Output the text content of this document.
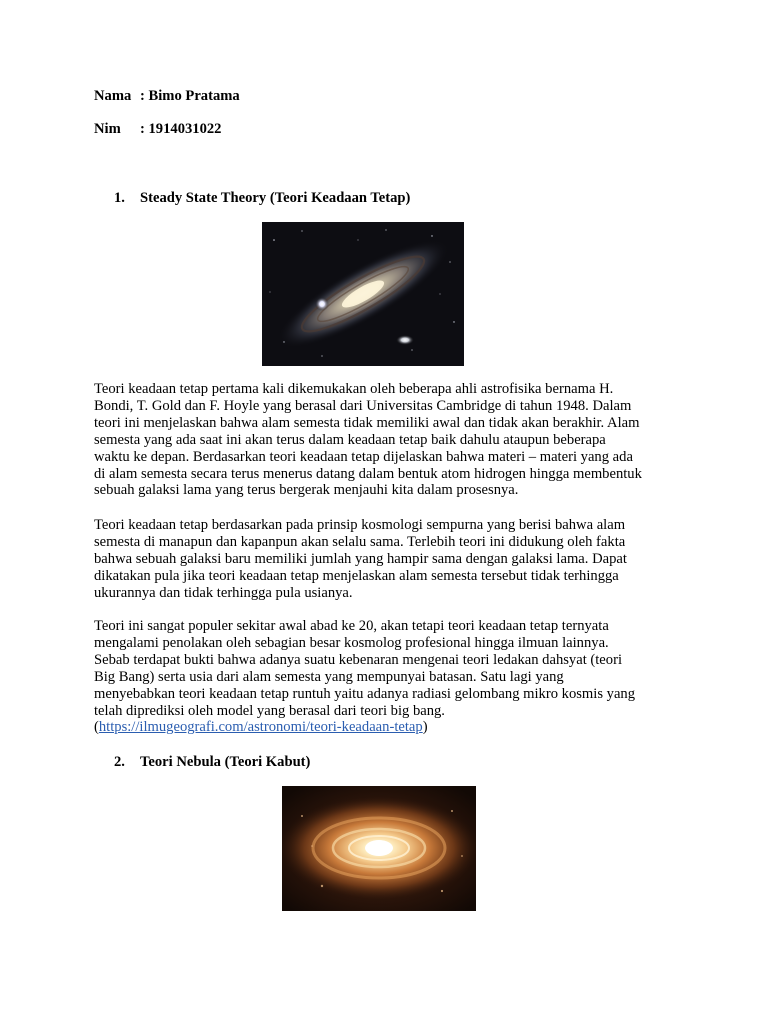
Nama : Bimo Pratama
Nim : 1914031022
1. Steady State Theory (Teori Keadaan Tetap)
Teori keadaan tetap pertama kali dikemukakan oleh beberapa ahli astrofisika bernama H.
Bondi, T. Gold dan F. Hoyle yang berasal dari Universitas Cambridge di tahun 1948. Dalam
teori ini menjelaskan bahwa alam semesta tidak memiliki awal dan tidak akan berakhir. Alam
semesta yang ada saat ini akan terus dalam keadaan tetap baik dahulu ataupun beberapa
waktu ke depan. Berdasarkan teori keadaan tetap dijelaskan bahwa materi – materi yang ada
di alam semesta secara terus menerus datang dalam bentuk atom hidrogen hingga membentuk
sebuah galaksi lama yang terus bergerak menjauhi kita dalam prosesnya.
Teori keadaan tetap berdasarkan pada prinsip kosmologi sempurna yang berisi bahwa alam
semesta di manapun dan kapanpun akan selalu sama. Terlebih teori ini didukung oleh fakta
bahwa sebuah galaksi baru memiliki jumlah yang hampir sama dengan galaksi lama. Dapat
dikatakan pula jika teori keadaan tetap menjelaskan alam semesta tersebut tidak terhingga
ukurannya dan tidak terhingga pula usianya.
Teori ini sangat populer sekitar awal abad ke 20, akan tetapi teori keadaan tetap ternyata
mengalami penolakan oleh sebagian besar kosmolog profesional hingga ilmuan lainnya.
Sebab terdapat bukti bahwa adanya suatu kebenaran mengenai teori ledakan dahsyat (teori
Big Bang) serta usia dari alam semesta yang mempunyai batasan. Satu lagi yang
menyebabkan teori keadaan tetap runtuh yaitu adanya radiasi gelombang mikro kosmis yang
telah diprediksi oleh model yang berasal dari teori big bang.
(https://ilmugeografi.com/astronomi/teori-keadaan-tetap)
2. Teori Nebula (Teori Kabut)
